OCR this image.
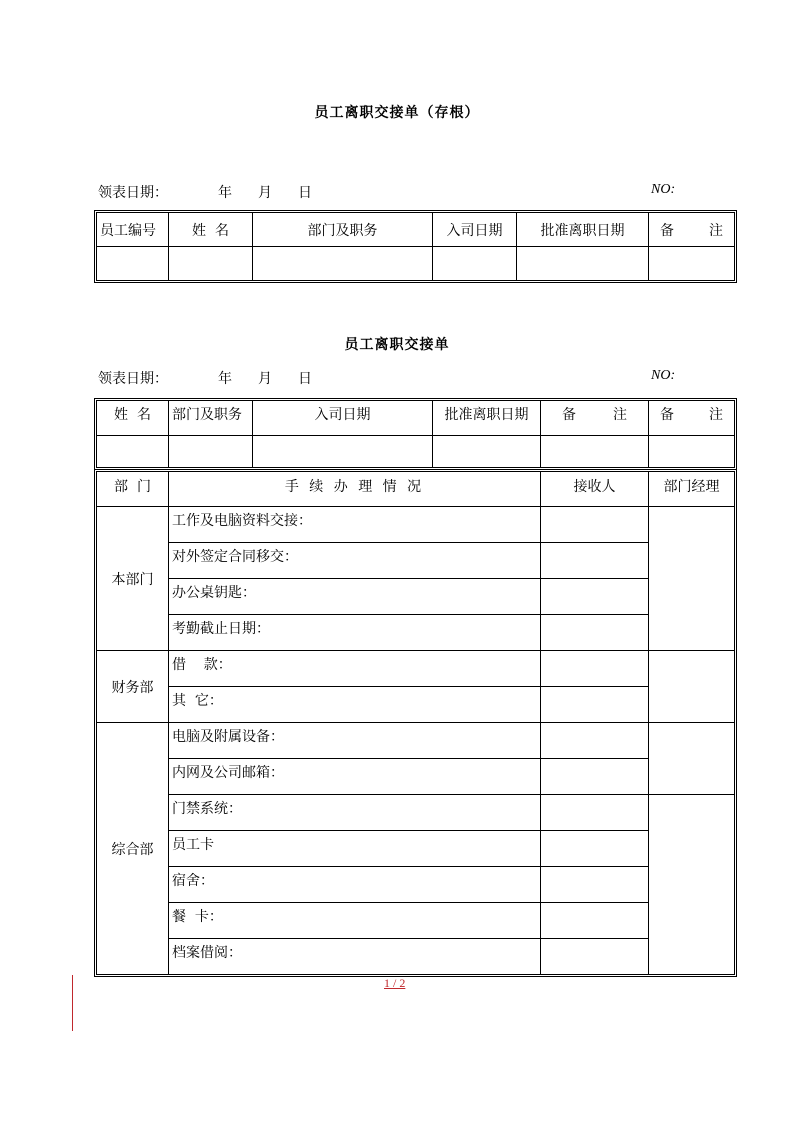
员工离职交接单（存根）
领表日期：	年 月 日	NO:
员工编号	姓  名	部门及职务	入司日期	批准离职日期	备 注

员工离职交接单
领表日期：	年 月 日	NO:
姓  名	部门及职务	入司日期	批准离职日期	备 注	备 注

部  门	手 续 办 理 情 况	接收人	部门经理
本部门	工作及电脑资料交接：		
	对外签定合同移交：		
	办公桌钥匙：		
	考勤截止日期：		
财务部	借    款：		
	其  它：		
综合部	电脑及附属设备：		
	内网及公司邮箱：		
	门禁系统：		
	员工卡		
	宿舍：		
	餐  卡：		
	档案借阅：		
1 / 2
